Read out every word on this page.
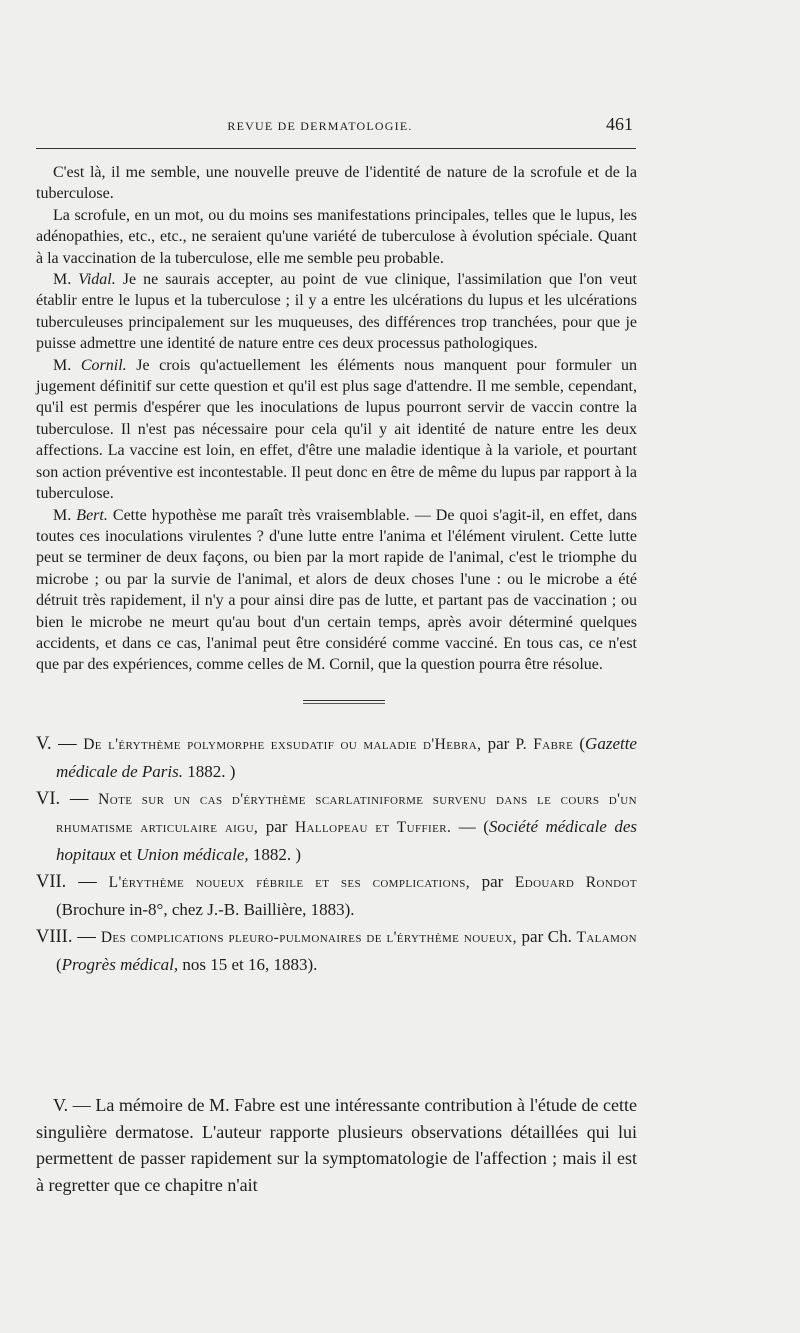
REVUE DE DERMATOLOGIE.	461

C'est là, il me semble, une nouvelle preuve de l'identité de nature de la scrofule et de la tuberculose.

La scrofule, en un mot, ou du moins ses manifestations principales, telles que le lupus, les adénopathies, etc., etc., ne seraient qu'une variété de tuberculose à évolution spéciale. Quant à la vaccination de la tuberculose, elle me semble peu probable.

M. Vidal. Je ne saurais accepter, au point de vue clinique, l'assimilation que l'on veut établir entre le lupus et la tuberculose ; il y a entre les ulcérations du lupus et les ulcérations tuberculeuses principalement sur les muqueuses, des différences trop tranchées, pour que je puisse admettre une identité de nature entre ces deux processus pathologiques.

M. Cornil. Je crois qu'actuellement les éléments nous manquent pour formuler un jugement définitif sur cette question et qu'il est plus sage d'attendre. Il me semble, cependant, qu'il est permis d'espérer que les inoculations de lupus pourront servir de vaccin contre la tuberculose. Il n'est pas nécessaire pour cela qu'il y ait identité de nature entre les deux affections. La vaccine est loin, en effet, d'être une maladie identique à la variole, et pourtant son action préventive est incontestable. Il peut donc en être de même du lupus par rapport à la tuberculose.

M. Bert. Cette hypothèse me paraît très vraisemblable. — De quoi s'agit-il, en effet, dans toutes ces inoculations virulentes ? d'une lutte entre l'anima et l'élément virulent. Cette lutte peut se terminer de deux façons, ou bien par la mort rapide de l'animal, c'est le triomphe du microbe ; ou par la survie de l'animal, et alors de deux choses l'une : ou le microbe a été détruit très rapidement, il n'y a pour ainsi dire pas de lutte, et partant pas de vaccination ; ou bien le microbe ne meurt qu'au bout d'un certain temps, après avoir déterminé quelques accidents, et dans ce cas, l'animal peut être considéré comme vacciné. En tous cas, ce n'est que par des expériences, comme celles de M. Cornil, que la question pourra être résolue.

V. — De l'érythème polymorphe exsudatif ou maladie d'Hebra, par P. Fabre (Gazette médicale de Paris. 1882. )

VI. — Note sur un cas d'érythème scarlatiniforme survenu dans le cours d'un rhumatisme articulaire aigu, par Hallopeau et Tuffier. — (Société médicale des hopitaux et Union médicale, 1882. )

VII. — L'érythème noueux fébrile et ses complications, par Edouard Rondot (Brochure in-8°, chez J.-B. Baillière, 1883).

VIII. — Des complications pleuro-pulmonaires de l'érythème noueux, par Ch. Talamon (Progrès médical, nos 15 et 16, 1883).

V. — La mémoire de M. Fabre est une intéressante contribution à l'étude de cette singulière dermatose. L'auteur rapporte plusieurs observations détaillées qui lui permettent de passer rapidement sur la symptomatologie de l'affection ; mais il est à regretter que ce chapitre n'ait
